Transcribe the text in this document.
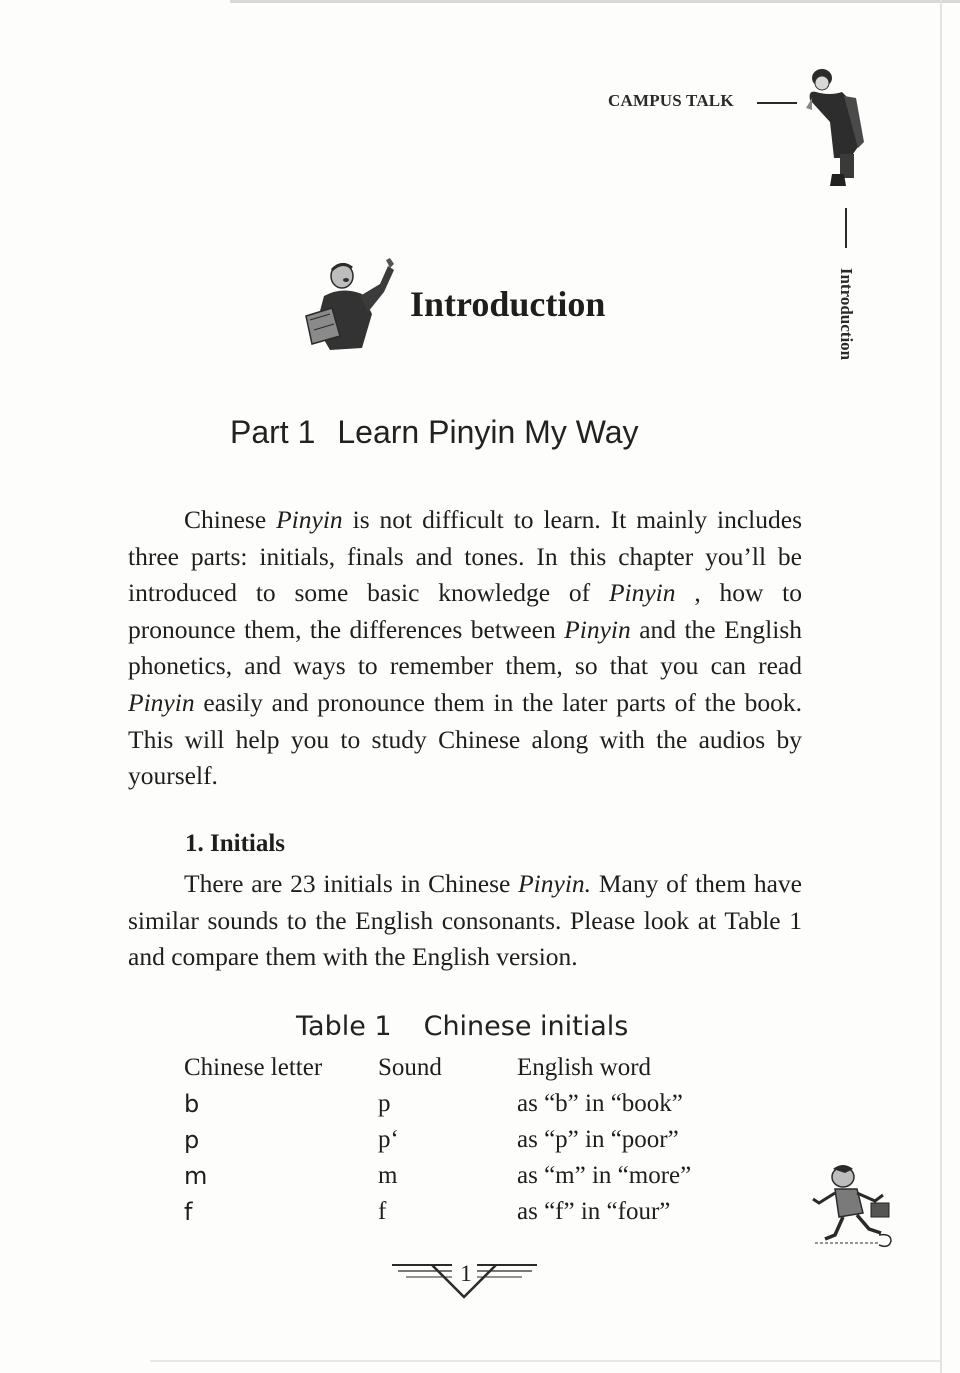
CAMPUS TALK
Introduction
Introduction
Part 1 Learn Pinyin My Way
Chinese Pinyin is not difficult to learn. It mainly includes three parts: initials, finals and tones. In this chapter you’ll be introduced to some basic knowledge of Pinyin , how to pronounce them, the differences between Pinyin and the English phonetics, and ways to remember them, so that you can read Pinyin easily and pronounce them in the later parts of the book. This will help you to study Chinese along with the audios by yourself.
1. Initials
There are 23 initials in Chinese Pinyin. Many of them have similar sounds to the English consonants. Please look at Table 1 and compare them with the English version.
Table 1 Chinese initials
Chinese letter	Sound	English word
b	p	as “b” in “book”
p	pʻ	as “p” in “poor”
m	m	as “m” in “more”
f	f	as “f” in “four”
1
